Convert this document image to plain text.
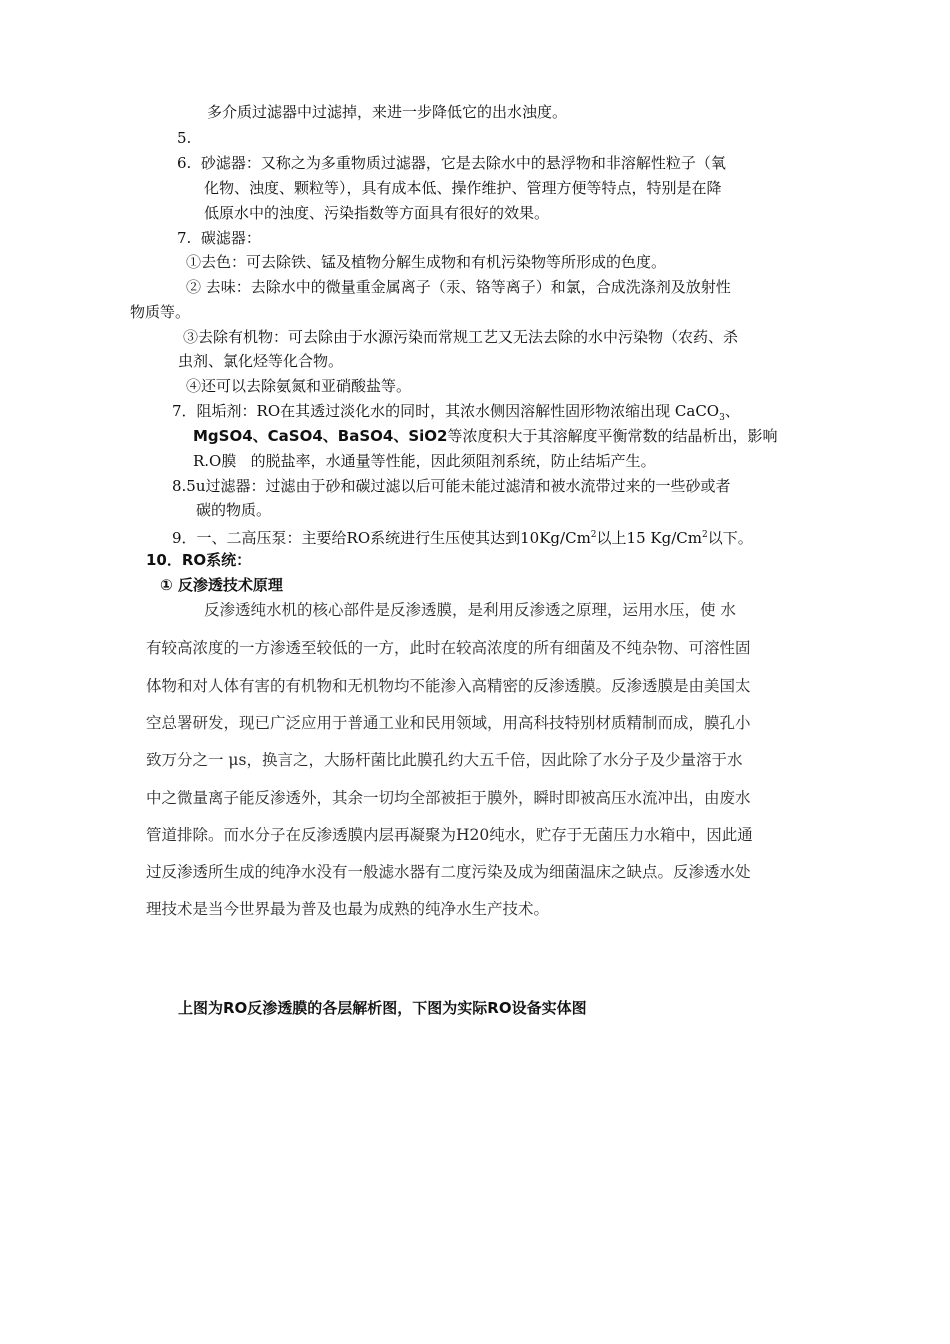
多介质过滤器中过滤掉，来进一步降低它的出水浊度。
5.
6.  砂滤器：又称之为多重物质过滤器，它是去除水中的悬浮物和非溶解性粒子（氧
化物、浊度、颗粒等），具有成本低、操作维护、管理方便等特点，特别是在降
低原水中的浊度、污染指数等方面具有很好的效果。
7.  碳滤器：
①去色：可去除铁、锰及植物分解生成物和有机污染物等所形成的色度。
② 去味：去除水中的微量重金属离子（汞、铬等离子）和氯，合成洗涤剂及放射性
物质等。
③去除有机物：可去除由于水源污染而常规工艺又无法去除的水中污染物（农药、杀
虫剂、氯化烃等化合物。
④还可以去除氨氮和亚硝酸盐等。
7．阻垢剂：RO在其透过淡化水的同时，其浓水侧因溶解性固形物浓缩出现 CaCO$_3$、
MgSO4、CaSO4、BaSO4、SiO2等浓度积大于其溶解度平衡常数的结晶析出，影响
R.O膜   的脱盐率，水通量等性能，因此须阻剂系统，防止结垢产生。
8.5u过滤器：过滤由于砂和碳过滤以后可能未能过滤清和被水流带过来的一些砂或者
碳的物质。
9．一、二高压泵：主要给RO系统进行生压使其达到10Kg/Cm$^2$以上15 Kg/Cm$^2$以下。
10．RO系统：
① 反渗透技术原理
反渗透纯水机的核心部件是反渗透膜，是利用反渗透之原理，运用水压，使 水
有较高浓度的一方渗透至较低的一方，此时在较高浓度的所有细菌及不纯杂物、可溶性固
体物和对人体有害的有机物和无机物均不能渗入高精密的反渗透膜。反渗透膜是由美国太
空总署研发，现已广泛应用于普通工业和民用领域，用高科技特别材质精制而成，膜孔小
致万分之一 μs，换言之，大肠杆菌比此膜孔约大五千倍，因此除了水分子及少量溶于水
中之微量离子能反渗透外，其余一切均全部被拒于膜外，瞬时即被高压水流冲出，由废水
管道排除。而水分子在反渗透膜内层再凝聚为H20纯水，贮存于无菌压力水箱中，因此通
过反渗透所生成的纯净水没有一般滤水器有二度污染及成为细菌温床之缺点。反渗透水处
理技术是当今世界最为普及也最为成熟的纯净水生产技术。
上图为RO反渗透膜的各层解析图，下图为实际RO设备实体图
